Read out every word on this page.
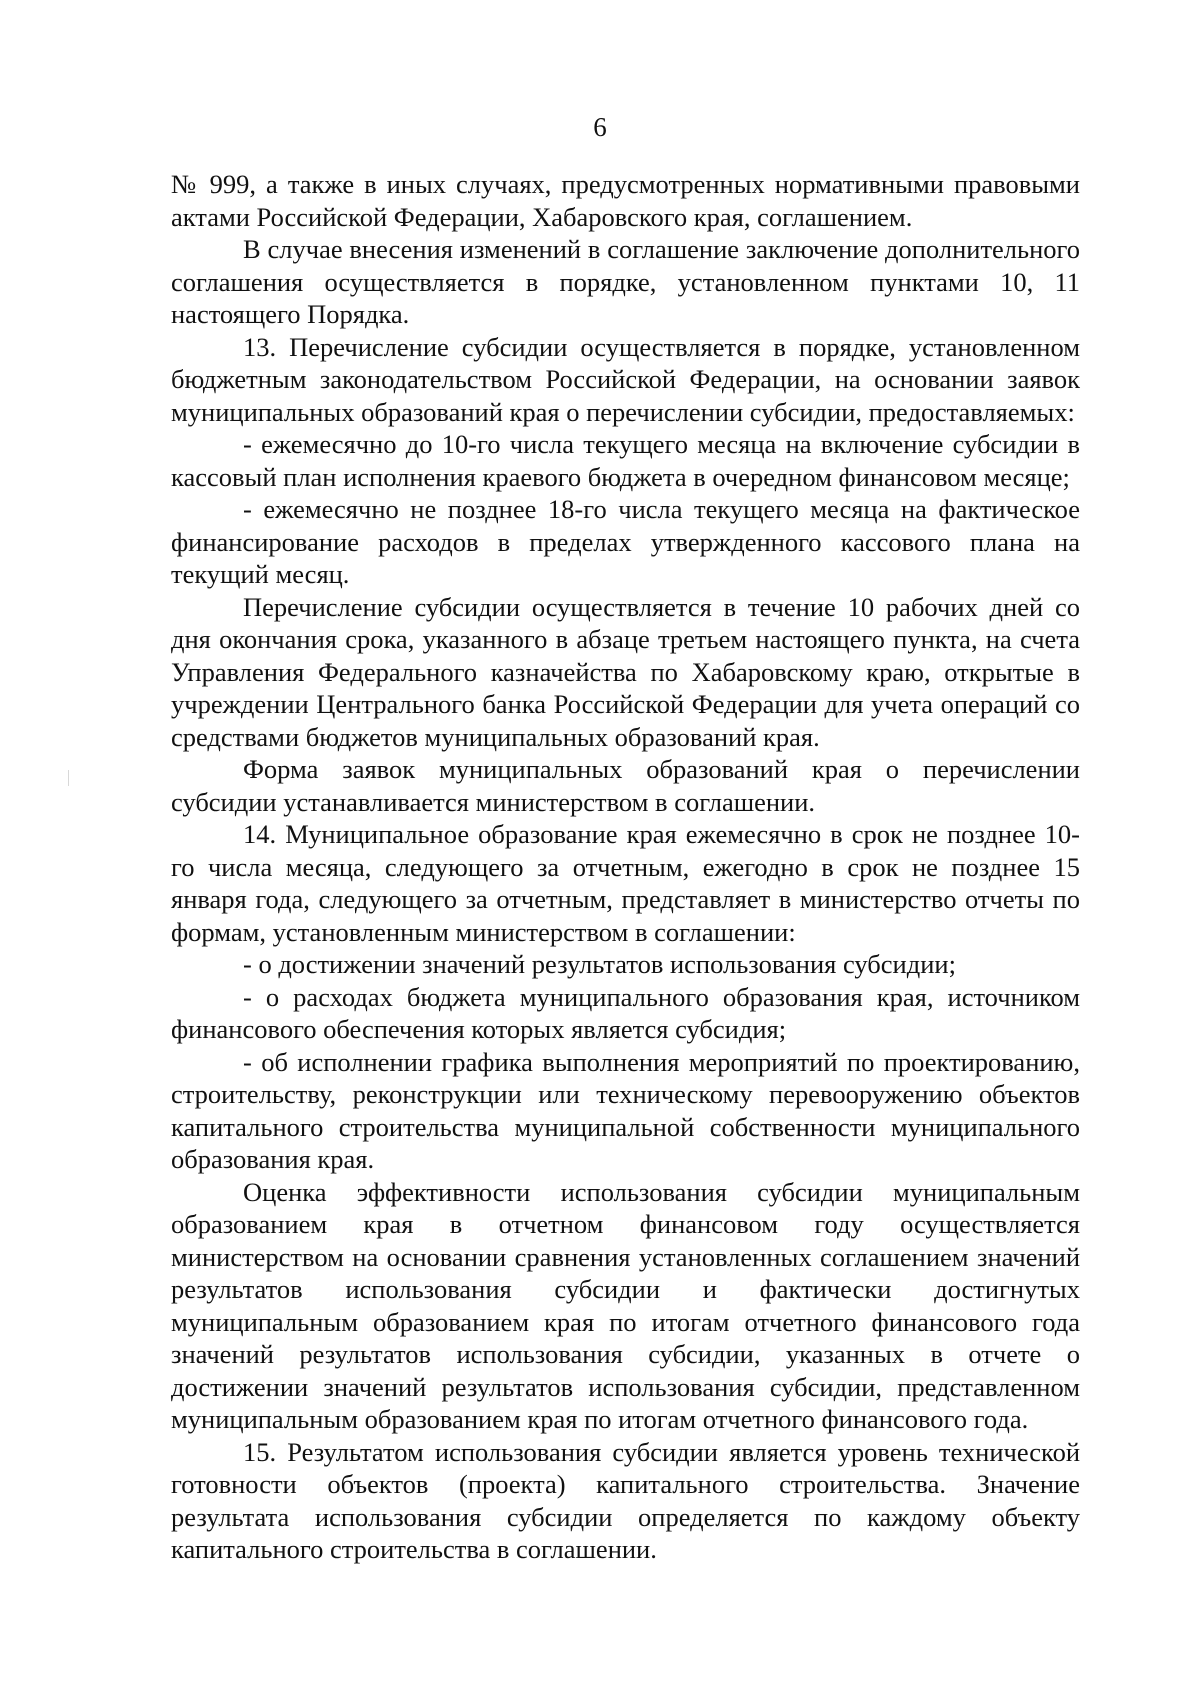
6

№ 999, а также в иных случаях, предусмотренных нормативными правовыми актами Российской Федерации, Хабаровского края, соглашением.

В случае внесения изменений в соглашение заключение дополнительного соглашения осуществляется в порядке, установленном пунктами 10, 11 настоящего Порядка.

13. Перечисление субсидии осуществляется в порядке, установленном бюджетным законодательством Российской Федерации, на основании заявок муниципальных образований края о перечислении субсидии, предоставляемых:

- ежемесячно до 10-го числа текущего месяца на включение субсидии в кассовый план исполнения краевого бюджета в очередном финансовом месяце;

- ежемесячно не позднее 18-го числа текущего месяца на фактическое финансирование расходов в пределах утвержденного кассового плана на текущий месяц.

Перечисление субсидии осуществляется в течение 10 рабочих дней со дня окончания срока, указанного в абзаце третьем настоящего пункта, на счета Управления Федерального казначейства по Хабаровскому краю, открытые в учреждении Центрального банка Российской Федерации для учета операций со средствами бюджетов муниципальных образований края.

Форма заявок муниципальных образований края о перечислении субсидии устанавливается министерством в соглашении.

14. Муниципальное образование края ежемесячно в срок не позднее 10-го числа месяца, следующего за отчетным, ежегодно в срок не позднее 15 января года, следующего за отчетным, представляет в министерство отчеты по формам, установленным министерством в соглашении:

- о достижении значений результатов использования субсидии;

- о расходах бюджета муниципального образования края, источником финансового обеспечения которых является субсидия;

- об исполнении графика выполнения мероприятий по проектированию, строительству, реконструкции или техническому перевооружению объектов капитального строительства муниципальной собственности муниципального образования края.

Оценка эффективности использования субсидии муниципальным образованием края в отчетном финансовом году осуществляется министерством на основании сравнения установленных соглашением значений результатов использования субсидии и фактически достигнутых муниципальным образованием края по итогам отчетного финансового года значений результатов использования субсидии, указанных в отчете о достижении значений результатов использования субсидии, представленном муниципальным образованием края по итогам отчетного финансового года.

15. Результатом использования субсидии является уровень технической готовности объектов (проекта) капитального строительства. Значение результата использования субсидии определяется по каждому объекту капитального строительства в соглашении.
